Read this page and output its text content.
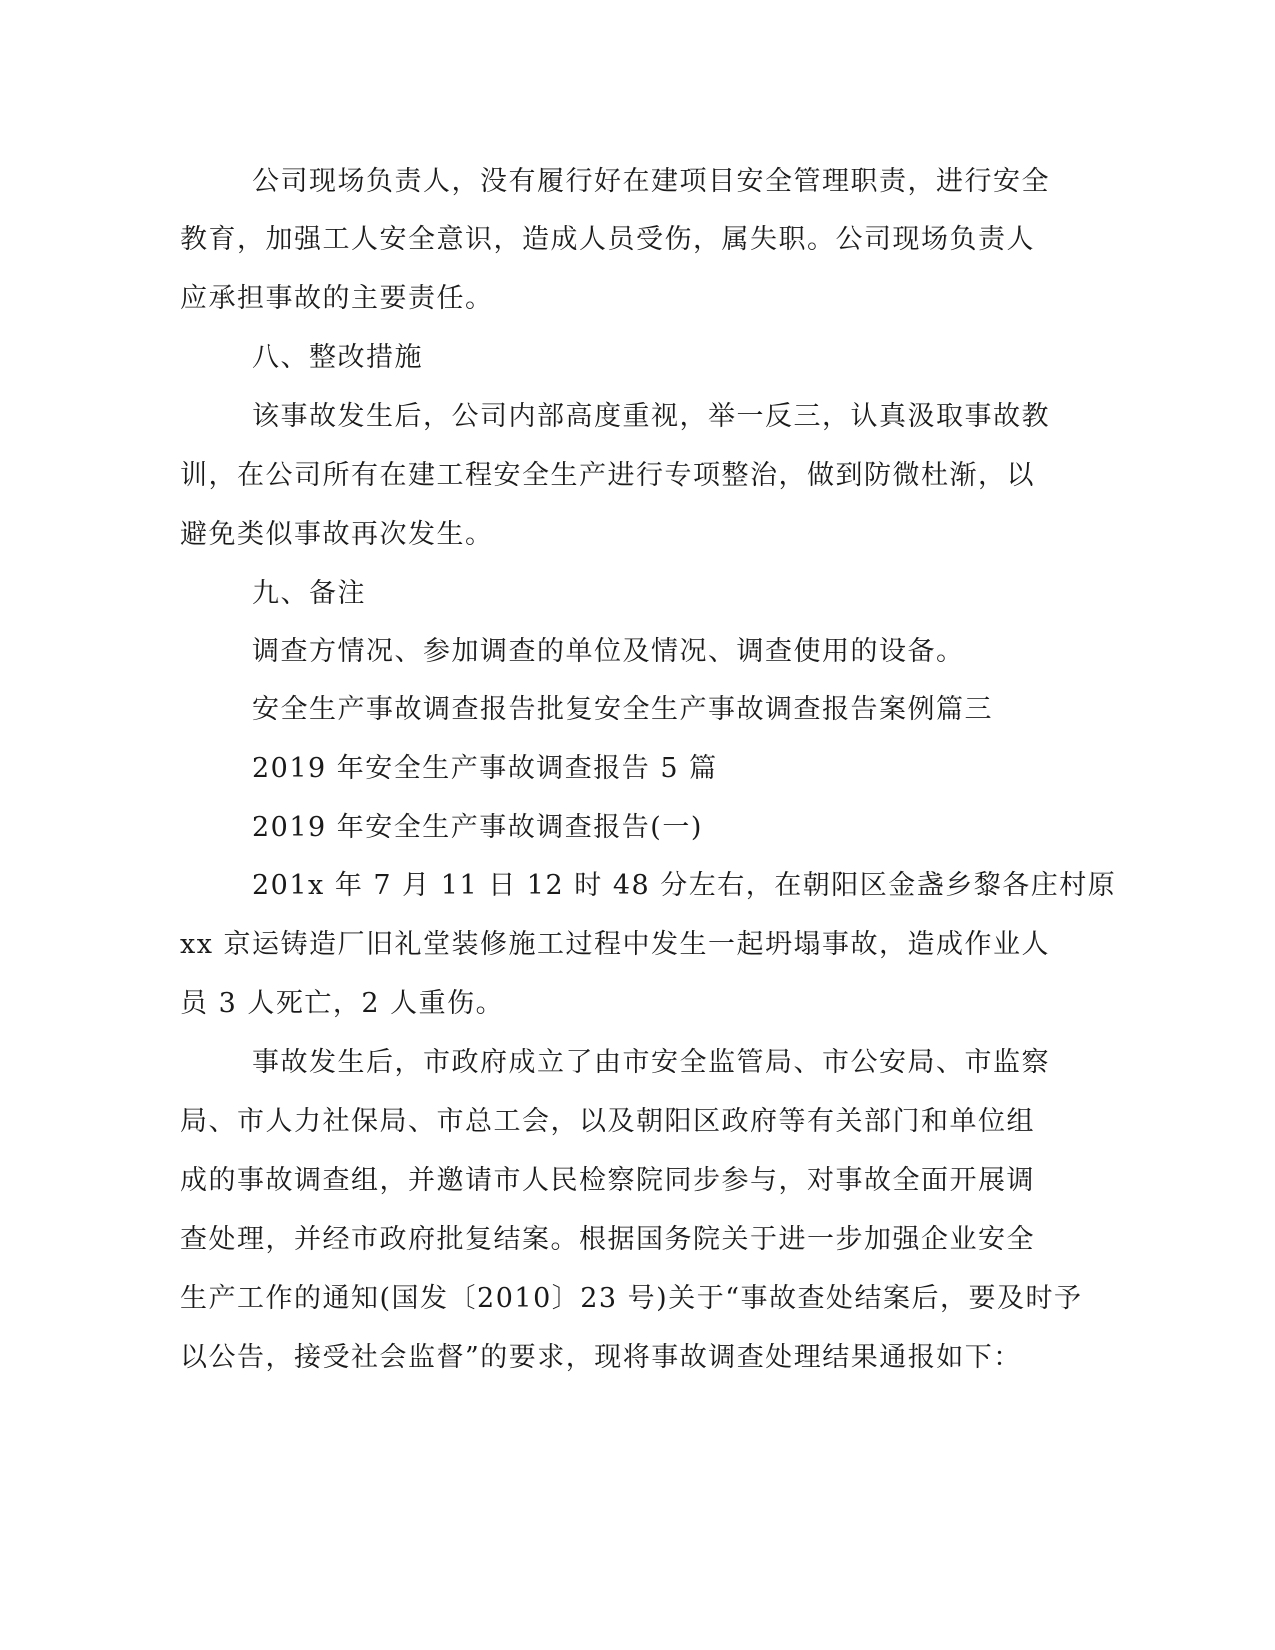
公司现场负责人，没有履行好在建项目安全管理职责，进行安全

教育，加强工人安全意识，造成人员受伤，属失职。公司现场负责人

应承担事故的主要责任。

八、整改措施

该事故发生后，公司内部高度重视，举一反三，认真汲取事故教

训，在公司所有在建工程安全生产进行专项整治，做到防微杜渐，以

避免类似事故再次发生。

九、备注

调查方情况、参加调查的单位及情况、调查使用的设备。

安全生产事故调查报告批复安全生产事故调查报告案例篇三

2019 年安全生产事故调查报告 5 篇

2019 年安全生产事故调查报告(一)

201x 年 7 月 11 日 12 时 48 分左右，在朝阳区金盏乡黎各庄村原

xx 京运铸造厂旧礼堂装修施工过程中发生一起坍塌事故，造成作业人

员 3 人死亡，2 人重伤。

事故发生后，市政府成立了由市安全监管局、市公安局、市监察

局、市人力社保局、市总工会，以及朝阳区政府等有关部门和单位组

成的事故调查组，并邀请市人民检察院同步参与，对事故全面开展调

查处理，并经市政府批复结案。根据国务院关于进一步加强企业安全

生产工作的通知(国发〔2010〕23 号)关于“事故查处结案后，要及时予

以公告，接受社会监督”的要求，现将事故调查处理结果通报如下：
